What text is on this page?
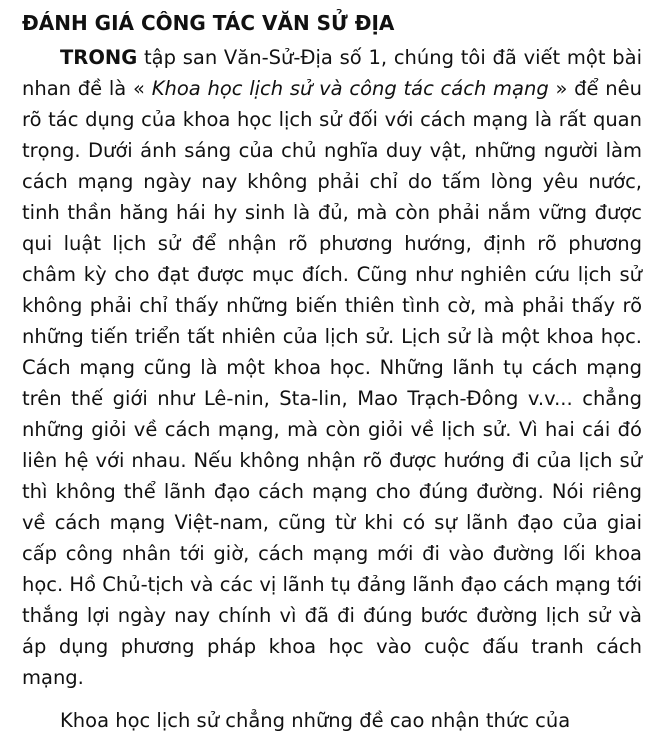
ĐÁNH GIÁ CÔNG TÁC VĂN SỬ ĐỊA

TRONG tập san Văn-Sử-Địa số 1, chúng tôi đã viết một bài nhan đề là « Khoa học lịch sử và công tác cách mạng » để nêu rõ tác dụng của khoa học lịch sử đối với cách mạng là rất quan trọng. Dưới ánh sáng của chủ nghĩa duy vật, những người làm cách mạng ngày nay không phải chỉ do tấm lòng yêu nước, tinh thần hăng hái hy sinh là đủ, mà còn phải nắm vững được qui luật lịch sử để nhận rõ phương hướng, định rõ phương châm kỳ cho đạt được mục đích. Cũng như nghiên cứu lịch sử không phải chỉ thấy những biến thiên tình cờ, mà phải thấy rõ những tiến triển tất nhiên của lịch sử. Lịch sử là một khoa học. Cách mạng cũng là một khoa học. Những lãnh tụ cách mạng trên thế giới như Lê-nin, Sta-lin, Mao Trạch-Đông v.v... chẳng những giỏi về cách mạng, mà còn giỏi về lịch sử. Vì hai cái đó liên hệ với nhau. Nếu không nhận rõ được hướng đi của lịch sử thì không thể lãnh đạo cách mạng cho đúng đường. Nói riêng về cách mạng Việt-nam, cũng từ khi có sự lãnh đạo của giai cấp công nhân tới giờ, cách mạng mới đi vào đường lối khoa học. Hồ Chủ-tịch và các vị lãnh tụ đảng lãnh đạo cách mạng tới thắng lợi ngày nay chính vì đã đi đúng bước đường lịch sử và áp dụng phương pháp khoa học vào cuộc đấu tranh cách mạng.

Khoa học lịch sử chẳng những đề cao nhận thức của
